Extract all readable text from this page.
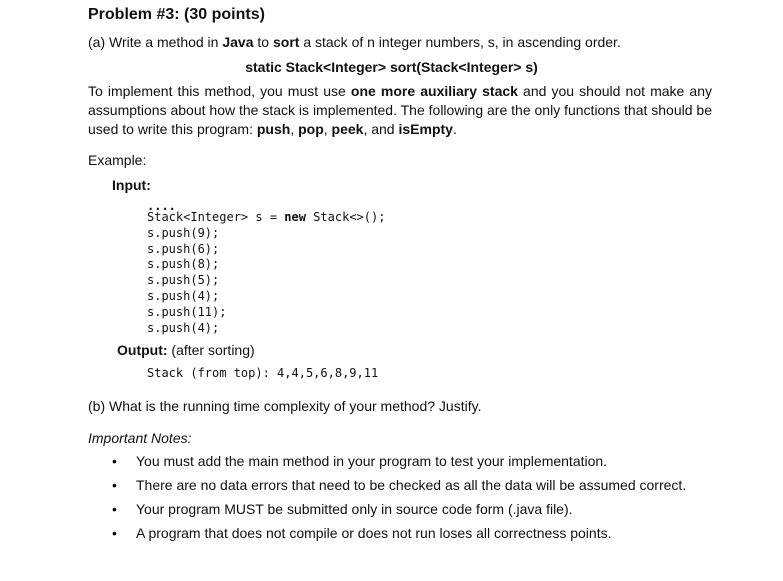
Problem #3: (30 points)
(a) Write a method in Java to sort a stack of n integer numbers, s, in ascending order.
static Stack<Integer> sort(Stack<Integer> s)
To implement this method, you must use one more auxiliary stack and you should not make any assumptions about how the stack is implemented. The following are the only functions that should be used to write this program: push, pop, peek, and isEmpty.
Example:
Input:
....
Stack<Integer> s = new Stack<>();
s.push(9);
s.push(6);
s.push(8);
s.push(5);
s.push(4);
s.push(11);
s.push(4);
Output: (after sorting)
Stack (from top): 4,4,5,6,8,9,11
(b) What is the running time complexity of your method? Justify.
Important Notes:
• You must add the main method in your program to test your implementation.
• There are no data errors that need to be checked as all the data will be assumed correct.
• Your program MUST be submitted only in source code form (.java file).
• A program that does not compile or does not run loses all correctness points.
